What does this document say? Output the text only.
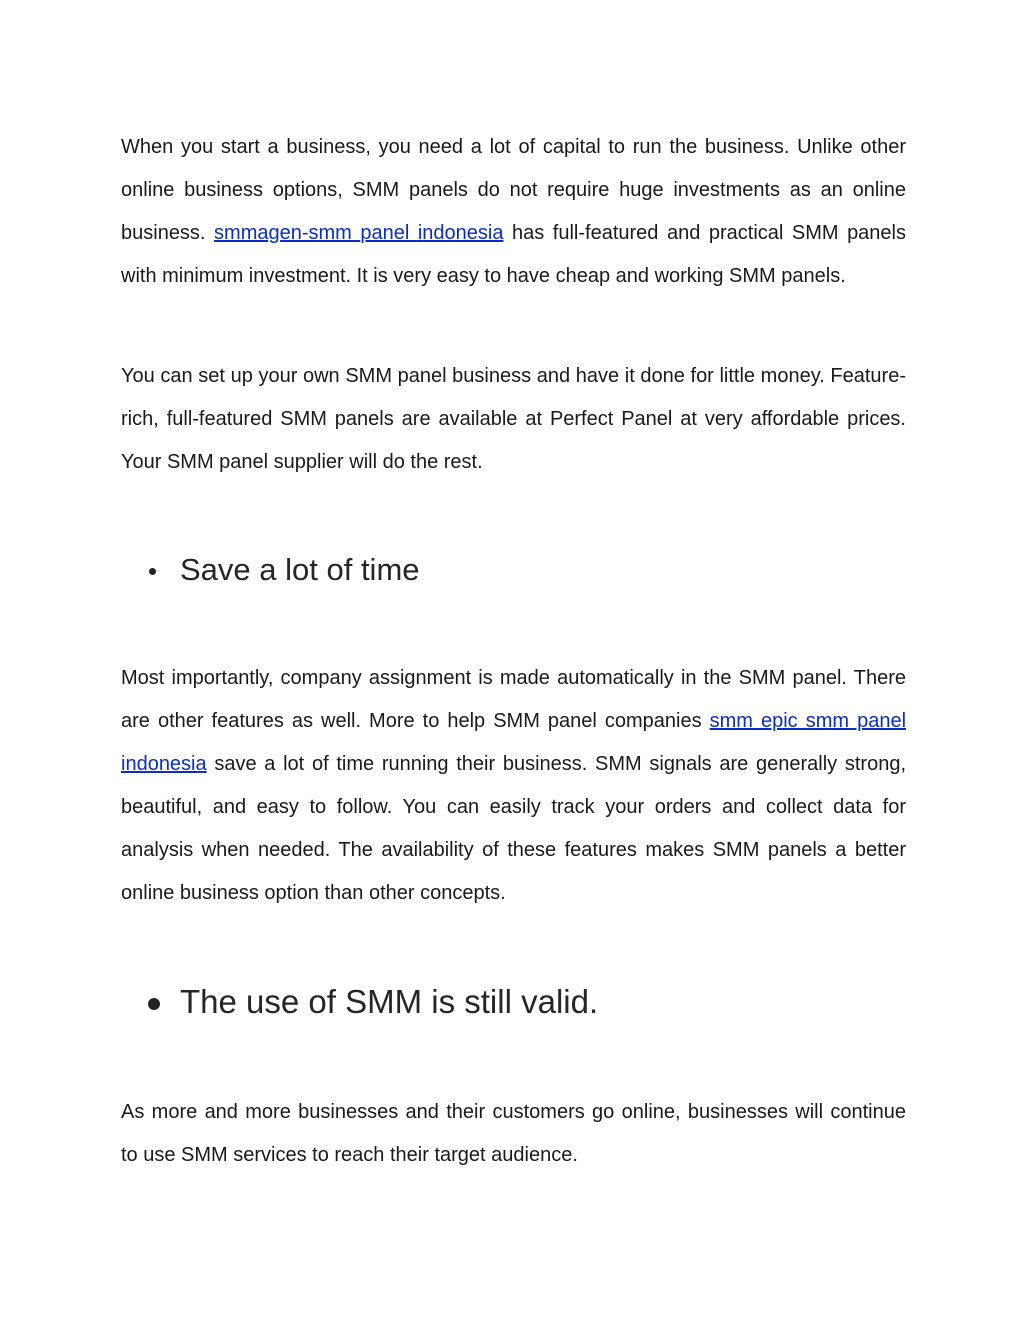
When you start a business, you need a lot of capital to run the business. Unlike other online business options, SMM panels do not require huge investments as an online business. smmagen-smm panel indonesia has full-featured and practical SMM panels with minimum investment. It is very easy to have cheap and working SMM panels.

You can set up your own SMM panel business and have it done for little money. Feature-rich, full-featured SMM panels are available at Perfect Panel at very affordable prices. Your SMM panel supplier will do the rest.

Save a lot of time

Most importantly, company assignment is made automatically in the SMM panel. There are other features as well. More to help SMM panel companies smm epic smm panel indonesia save a lot of time running their business. SMM signals are generally strong, beautiful, and easy to follow. You can easily track your orders and collect data for analysis when needed. The availability of these features makes SMM panels a better online business option than other concepts.

The use of SMM is still valid.

As more and more businesses and their customers go online, businesses will continue to use SMM services to reach their target audience.
